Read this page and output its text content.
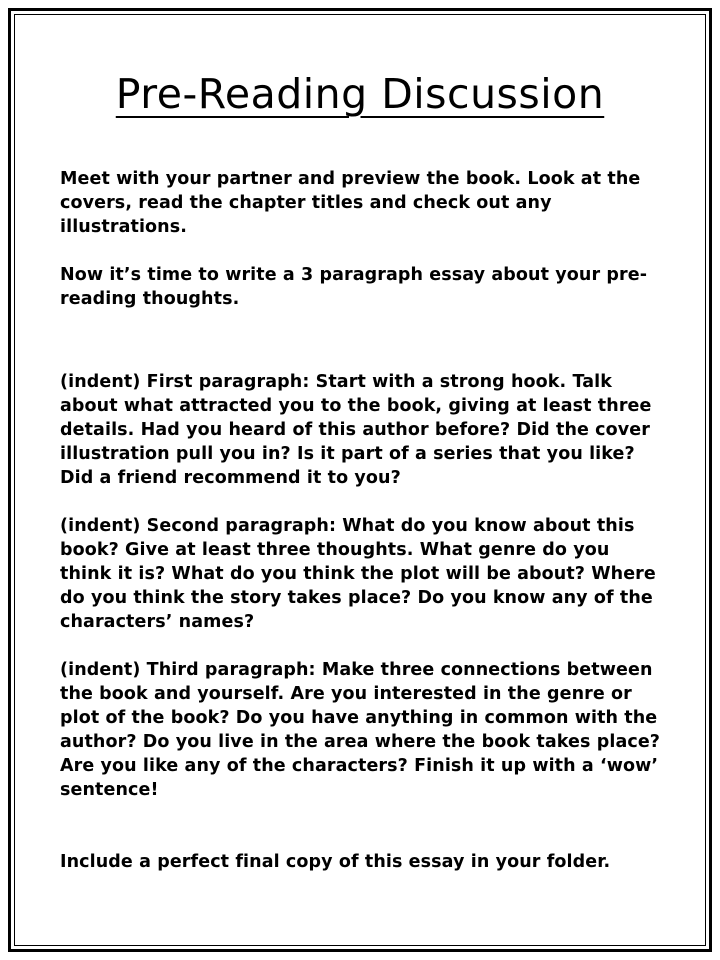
Pre-Reading Discussion

Meet with your partner and preview the book. Look at the covers, read the chapter titles and check out any illustrations.

Now it’s time to write a 3 paragraph essay about your pre-reading thoughts.

(indent) First paragraph: Start with a strong hook. Talk about what attracted you to the book, giving at least three details. Had you heard of this author before? Did the cover illustration pull you in? Is it part of a series that you like? Did a friend recommend it to you?

(indent) Second paragraph: What do you know about this book? Give at least three thoughts. What genre do you think it is? What do you think the plot will be about? Where do you think the story takes place? Do you know any of the characters’ names?

(indent) Third paragraph: Make three connections between the book and yourself. Are you interested in the genre or plot of the book? Do you have anything in common with the author? Do you live in the area where the book takes place? Are you like any of the characters? Finish it up with a ‘wow’ sentence!

Include a perfect final copy of this essay in your folder.
